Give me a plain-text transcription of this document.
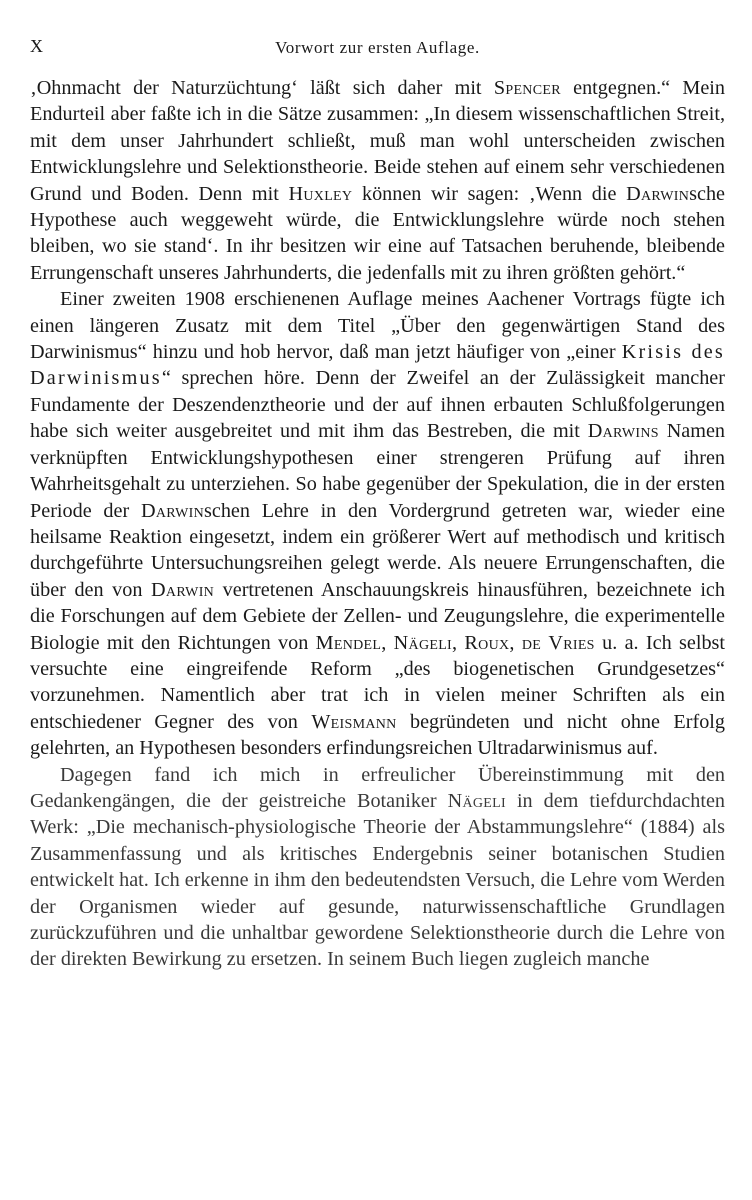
X	Vorwort zur ersten Auflage.

‚Ohnmacht der Naturzüchtung‘ läßt sich daher mit Spencer entgegnen.“ Mein Endurteil aber faßte ich in die Sätze zusammen: „In diesem wissenschaftlichen Streit, mit dem unser Jahrhundert schließt, muß man wohl unterscheiden zwischen Entwicklungslehre und Selektionstheorie. Beide stehen auf einem sehr verschiedenen Grund und Boden. Denn mit Huxley können wir sagen: ‚Wenn die Darwinsche Hypothese auch weggeweht würde, die Entwicklungslehre würde noch stehen bleiben, wo sie stand‘. In ihr besitzen wir eine auf Tatsachen beruhende, bleibende Errungenschaft unseres Jahrhunderts, die jedenfalls mit zu ihren größten gehört.“

Einer zweiten 1908 erschienenen Auflage meines Aachener Vortrags fügte ich einen längeren Zusatz mit dem Titel „Über den gegenwärtigen Stand des Darwinismus“ hinzu und hob hervor, daß man jetzt häufiger von „einer Krisis des Darwinismus“ sprechen höre. Denn der Zweifel an der Zulässigkeit mancher Fundamente der Deszendenztheorie und der auf ihnen erbauten Schlußfolgerungen habe sich weiter ausgebreitet und mit ihm das Bestreben, die mit Darwins Namen verknüpften Entwicklungshypothesen einer strengeren Prüfung auf ihren Wahrheitsgehalt zu unterziehen. So habe gegenüber der Spekulation, die in der ersten Periode der Darwinschen Lehre in den Vordergrund getreten war, wieder eine heilsame Reaktion eingesetzt, indem ein größerer Wert auf methodisch und kritisch durchgeführte Untersuchungsreihen gelegt werde. Als neuere Errungenschaften, die über den von Darwin vertretenen Anschauungskreis hinausführen, bezeichnete ich die Forschungen auf dem Gebiete der Zellen- und Zeugungslehre, die experimentelle Biologie mit den Richtungen von Mendel, Nägeli, Roux, de Vries u. a. Ich selbst versuchte eine eingreifende Reform „des biogenetischen Grundgesetzes“ vorzunehmen. Namentlich aber trat ich in vielen meiner Schriften als ein entschiedener Gegner des von Weismann begründeten und nicht ohne Erfolg gelehrten, an Hypothesen besonders erfindungsreichen Ultradarwinismus auf.

Dagegen fand ich mich in erfreulicher Übereinstimmung mit den Gedankengängen, die der geistreiche Botaniker Nägeli in dem tiefdurchdachten Werk: „Die mechanisch-physiologische Theorie der Abstammungslehre“ (1884) als Zusammenfassung und als kritisches Endergebnis seiner botanischen Studien entwickelt hat. Ich erkenne in ihm den bedeutendsten Versuch, die Lehre vom Werden der Organismen wieder auf gesunde, naturwissenschaftliche Grundlagen zurückzuführen und die unhaltbar gewordene Selektionstheorie durch die Lehre von der direkten Bewirkung zu ersetzen. In seinem Buch liegen zugleich manche
